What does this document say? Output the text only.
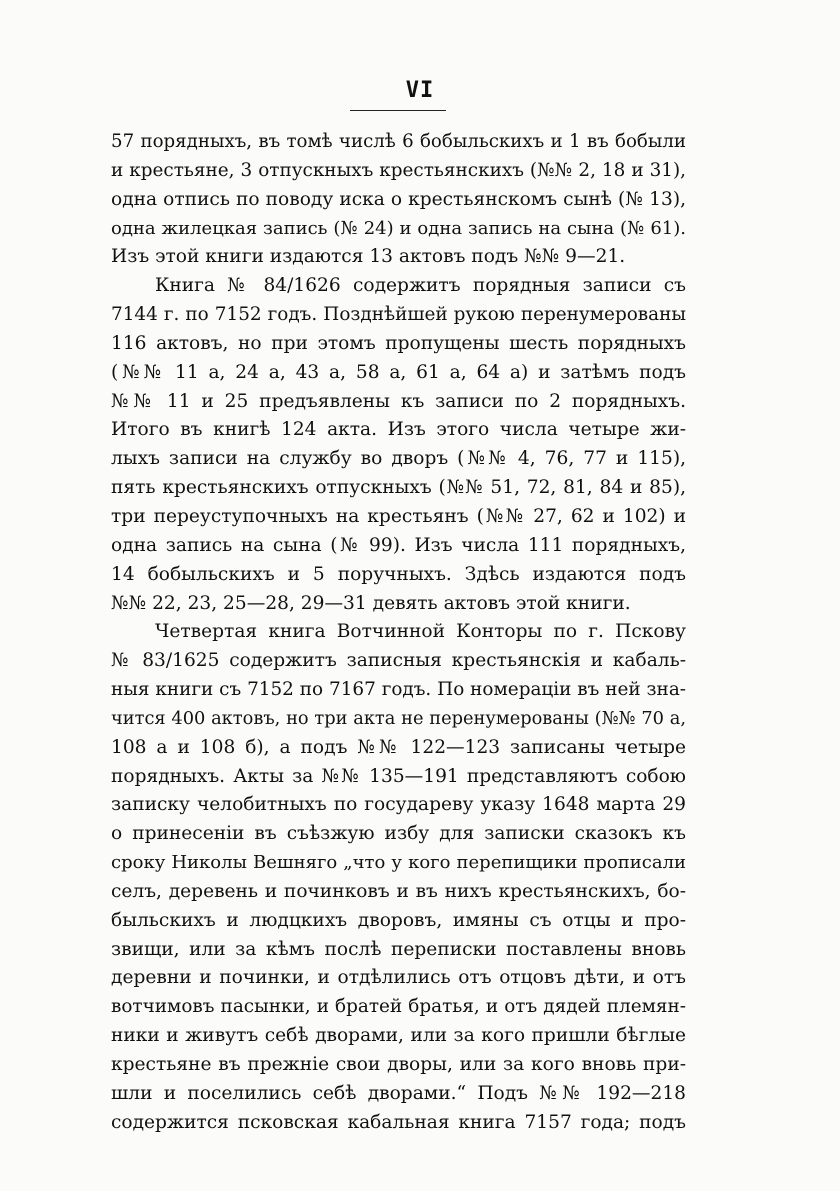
VI
57 порядныхъ, въ томѣ числѣ 6 бобыльскихъ и 1 въ бобыли
и крестьяне, 3 отпускныхъ крестьянскихъ (№№ 2, 18 и 31),
одна отпись по поводу иска о крестьянскомъ сынѣ (№ 13),
одна жилецкая запись (№ 24) и одна запись на сына (№ 61).
Изъ этой книги издаются 13 актовъ подъ №№ 9—21.
Книга № 84/1626 содержитъ порядныя записи съ
7144 г. по 7152 годъ. Позднѣйшей рукою перенумерованы
116 актовъ, но при этомъ пропущены шесть порядныхъ
(№№ 11 а, 24 а, 43 а, 58 а, 61 а, 64 а) и затѣмъ подъ
№№ 11 и 25 предъявлены къ записи по 2 порядныхъ.
Итого въ книгѣ 124 акта. Изъ этого числа четыре жи-
лыхъ записи на службу во дворъ (№№ 4, 76, 77 и 115),
пять крестьянскихъ отпускныхъ (№№ 51, 72, 81, 84 и 85),
три переуступочныхъ на крестьянъ (№№ 27, 62 и 102) и
одна запись на сына (№ 99). Изъ числа 111 порядныхъ,
14 бобыльскихъ и 5 поручныхъ. Здѣсь издаются подъ
№№ 22, 23, 25—28, 29—31 девять актовъ этой книги.
Четвертая книга Вотчинной Конторы по г. Пскову
№ 83/1625 содержитъ записныя крестьянскія и кабаль-
ныя книги съ 7152 по 7167 годъ. По номераціи въ ней зна-
чится 400 актовъ, но три акта не перенумерованы (№№ 70 а,
108 а и 108 б), а подъ №№ 122—123 записаны четыре
порядныхъ. Акты за №№ 135—191 представляютъ собою
записку челобитныхъ по государеву указу 1648 марта 29
о принесеніи въ съѣзжую избу для записки сказокъ къ
сроку Николы Вешняго „что у кого перепищики прописали
селъ, деревень и починковъ и въ нихъ крестьянскихъ, бо-
быльскихъ и людцкихъ дворовъ, имяны съ отцы и про-
звищи, или за кѣмъ послѣ переписки поставлены вновь
деревни и починки, и отдѣлились отъ отцовъ дѣти, и отъ
вотчимовъ пасынки, и братей братья, и отъ дядей племян-
ники и живутъ себѣ дворами, или за кого пришли бѣглые
крестьяне въ прежніе свои дворы, или за кого вновь при-
шли и поселились себѣ дворами.“ Подъ №№ 192—218
содержится псковская кабальная книга 7157 года; подъ
